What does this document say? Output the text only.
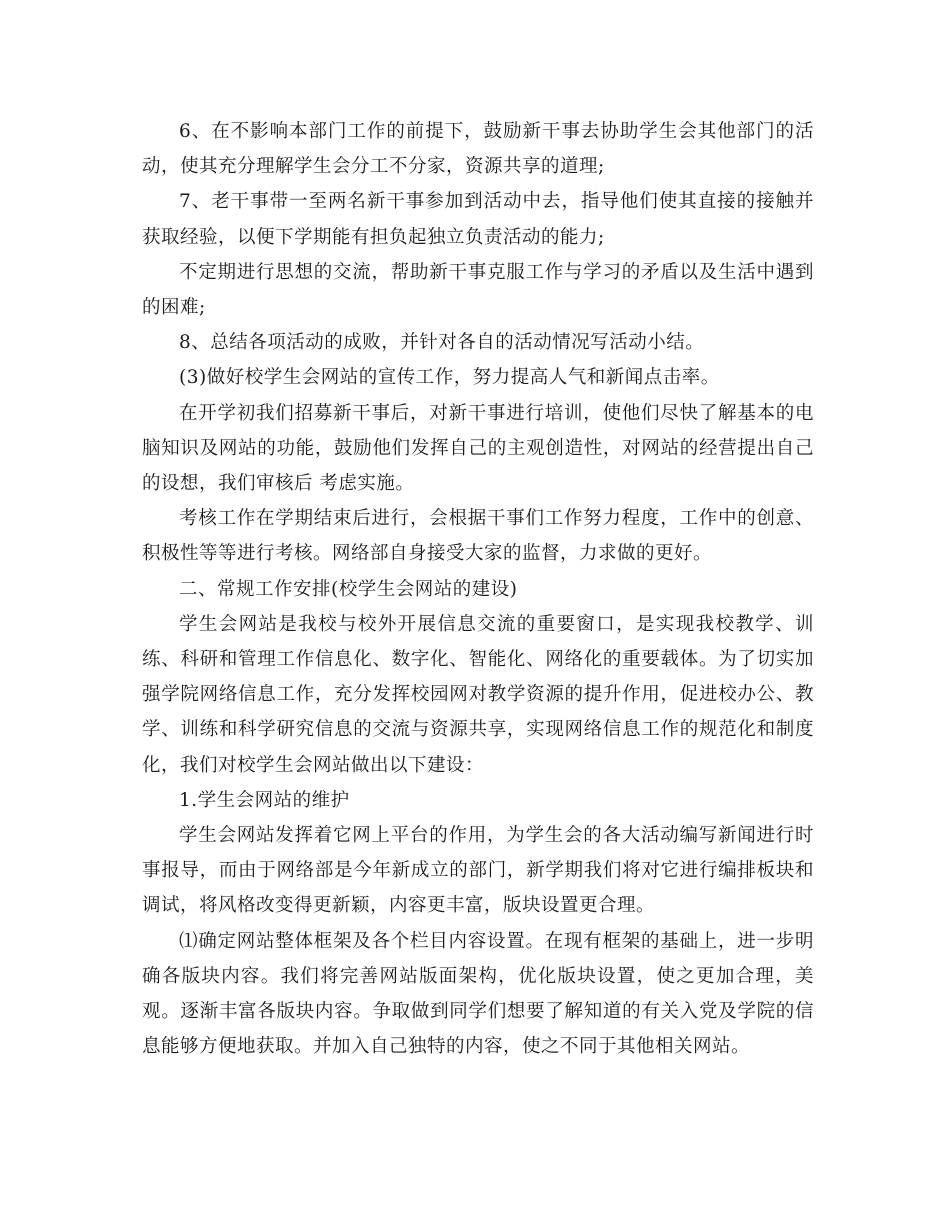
6、在不影响本部门工作的前提下，鼓励新干事去协助学生会其他部门的活动，使其充分理解学生会分工不分家，资源共享的道理;

7、老干事带一至两名新干事参加到活动中去，指导他们使其直接的接触并获取经验，以便下学期能有担负起独立负责活动的能力;

不定期进行思想的交流，帮助新干事克服工作与学习的矛盾以及生活中遇到的困难;

8、总结各项活动的成败，并针对各自的活动情况写活动小结。

(3)做好校学生会网站的宣传工作，努力提高人气和新闻点击率。

在开学初我们招募新干事后，对新干事进行培训，使他们尽快了解基本的电脑知识及网站的功能，鼓励他们发挥自己的主观创造性，对网站的经营提出自己的设想，我们审核后 考虑实施。

考核工作在学期结束后进行，会根据干事们工作努力程度，工作中的创意、积极性等等进行考核。网络部自身接受大家的监督，力求做的更好。

二、常规工作安排(校学生会网站的建设)

学生会网站是我校与校外开展信息交流的重要窗口，是实现我校教学、训练、科研和管理工作信息化、数字化、智能化、网络化的重要载体。为了切实加强学院网络信息工作，充分发挥校园网对教学资源的提升作用，促进校办公、教学、训练和科学研究信息的交流与资源共享，实现网络信息工作的规范化和制度化，我们对校学生会网站做出以下建设：

1.学生会网站的维护

学生会网站发挥着它网上平台的作用，为学生会的各大活动编写新闻进行时事报导，而由于网络部是今年新成立的部门，新学期我们将对它进行编排板块和调试，将风格改变得更新颖，内容更丰富，版块设置更合理。

⑴确定网站整体框架及各个栏目内容设置。在现有框架的基础上，进一步明确各版块内容。我们将完善网站版面架构，优化版块设置，使之更加合理，美观。逐渐丰富各版块内容。争取做到同学们想要了解知道的有关入党及学院的信息能够方便地获取。并加入自己独特的内容，使之不同于其他相关网站。
